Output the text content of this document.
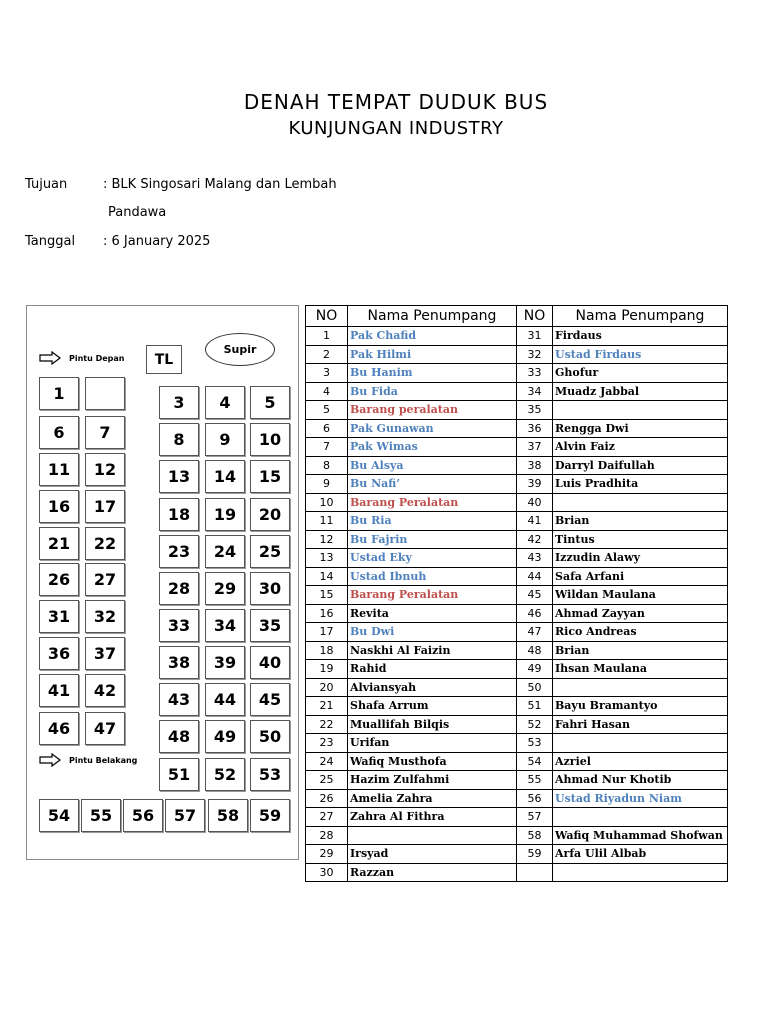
DENAH TEMPAT DUDUK BUS
KUNJUNGAN INDUSTRY
Tujuan	: BLK Singosari Malang dan Lembah
Pandawa
Tanggal : 6 January 2025
Pintu Depan	TL
Supir
Pintu Belakang
1	3	4	5
6	7	8	9	10
11	12	13	14	15
16	17	18	19	20
21	22	23	24	25
26	27	28	29	30
31	32	33	34	35
36	37	38	39	40
41	42	43	44	45
46	47	48	49	50
51	52	53
54	55	56	57	58	59
NO	Nama Penumpang	NO	Nama Penumpang
1	Pak Chafid	31	Firdaus
2	Pak Hilmi	32	Ustad Firdaus
3	Bu Hanim	33	Ghofur
4	Bu Fida	34	Muadz Jabbal
5	Barang peralatan	35	
6	Pak Gunawan	36	Rengga Dwi
7	Pak Wimas	37	Alvin Faiz
8	Bu Alsya	38	Darryl Daifullah
9	Bu Nafi’	39	Luis Pradhita
10	Barang Peralatan	40	
11	Bu Ria	41	Brian
12	Bu Fajrin	42	Tintus
13	Ustad Eky	43	Izzudin Alawy
14	Ustad Ibnuh	44	Safa Arfani
15	Barang Peralatan	45	Wildan Maulana
16	Revita	46	Ahmad Zayyan
17	Bu Dwi	47	Rico Andreas
18	Naskhi Al Faizin	48	Brian
19	Rahid	49	Ihsan Maulana
20	Alviansyah	50	
21	Shafa Arrum	51	Bayu Bramantyo
22	Muallifah Bilqis	52	Fahri Hasan
23	Urifan	53	
24	Wafiq Musthofa	54	Azriel
25	Hazim Zulfahmi	55	Ahmad Nur Khotib
26	Amelia Zahra	56	Ustad Riyadun Niam
27	Zahra Al Fithra	57	
28		58	Wafiq Muhammad Shofwan
29	Irsyad	59	Arfa Ulil Albab
30	Razzan		
